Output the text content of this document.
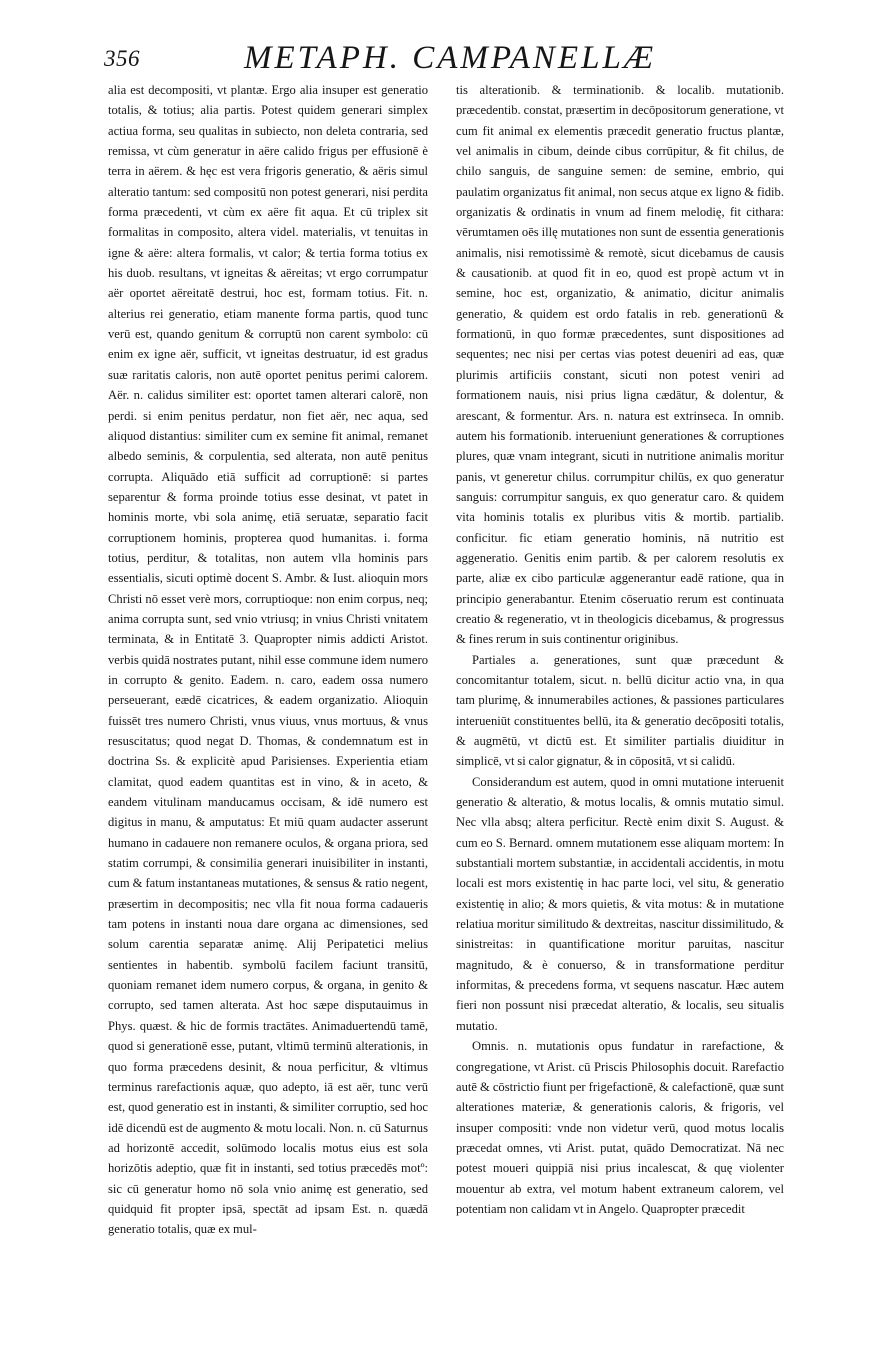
356	METAPH. CAMPANELLÆ

alia est decompositi, vt plantæ. Ergo alia insuper est generatio totalis, & totius; alia partis. Potest quidem generari simplex actiua forma, seu qualitas in subiecto, non deleta contraria, sed remissa, vt cùm generatur in aëre calido frigus per effusionē è terra in aërem. & hęc est vera frigoris generatio, & aëris simul alteratio tantum: sed compositū non potest generari, nisi perdita forma præcedenti, vt cùm ex aëre fit aqua. Et cū triplex sit formalitas in composito, altera videl. materialis, vt tenuitas in igne & aëre: altera formalis, vt calor; & tertia forma totius ex his duob. resultans, vt igneitas & aëreitas; vt ergo corrumpatur aër oportet aëreitatē destrui, hoc est, formam totius. Fit. n. alterius rei generatio, etiam manente forma partis, quod tunc verū est, quando genitum & corruptū non carent symbolo: cū enim ex igne aër, sufficit, vt igneitas destruatur, id est gradus suæ raritatis caloris, non autē oportet penitus perimi calorem. Aër. n. calidus similiter est: oportet tamen alterari calorē, non perdi. si enim penitus perdatur, non fiet aër, nec aqua, sed aliquod distantius: similiter cum ex semine fit animal, remanet albedo seminis, & corpulentia, sed alterata, non autē penitus corrupta. Aliquādo etiā sufficit ad corruptionē: si partes separentur & forma proinde totius esse desinat, vt patet in hominis morte, vbi sola animę, etiā seruatæ, separatio facit corruptionem hominis, propterea quod humanitas. i. forma totius, perditur, & totalitas, non autem vlla hominis pars essentialis, sicuti optimè docent S. Ambr. & Iust. alioquin mors Christi nō esset verè mors, corruptioque: non enim corpus, neq; anima corrupta sunt, sed vnio vtriusq; in vnius Christi vnitatem terminata, & in Entitatē 3. Quapropter nimis addicti Aristot. verbis quidā nostrates putant, nihil esse commune idem numero in corrupto & genito. Eadem. n. caro, eadem ossa numero perseuerant, eædē cicatrices, & eadem organizatio. Alioquin fuissēt tres numero Christi, vnus viuus, vnus mortuus, & vnus resuscitatus; quod negat D. Thomas, & condemnatum est in doctrina Ss. & explicitè apud Parisienses. Experientia etiam clamitat, quod eadem quantitas est in vino, & in aceto, & eandem vitulinam manducamus occisam, & idē numero est digitus in manu, & amputatus: Et miū quam audacter asserunt humano in cadauere non remanere oculos, & organa priora, sed statim corrumpi, & consimilia generari inuisibiliter in instanti, cum & fatum instantaneas mutationes, & sensus & ratio negent, præsertim in decompositis; nec vlla fit noua forma cadaueris tam potens in instanti noua dare organa ac dimensiones, sed solum carentia separatæ animę. Alij Peripatetici melius sentientes in habentib. symbolū facilem faciunt transitū, quoniam remanet idem numero corpus, & organa, in genito & corrupto, sed tamen alterata. Ast hoc sæpe disputauimus in Phys. quæst. & hic de formis tractātes. Animaduertendū tamē, quod si generationē esse, putant, vltimū terminū alterationis, in quo forma præcedens desinit, & noua perficitur, & vltimus terminus rarefactionis aquæ, quo adepto, iā est aër, tunc verū est, quod generatio est in instanti, & similiter corruptio, sed hoc idē dicendū est de augmento & motu locali. Non. n. cū Saturnus ad horizontē accedit, solūmodo localis motus eius est sola horizōtis adeptio, quæ fit in instanti, sed totius præcedēs motº: sic cū generatur homo nō sola vnio animę est generatio, sed quidquid fit propter ipsā, spectāt ad ipsam Est. n. quædā generatio totalis, quæ ex mul-

tis alterationib. & terminationib. & localib. mutationib. præcedentib. constat, præsertim in decōpositorum generatione, vt cum fit animal ex elementis præcedit generatio fructus plantæ, vel animalis in cibum, deinde cibus corrūpitur, & fit chilus, de chilo sanguis, de sanguine semen: de semine, embrio, qui paulatim organizatus fit animal, non secus atque ex ligno & fidib. organizatis & ordinatis in vnum ad finem melodię, fit cithara: vērumtamen oēs illę mutationes non sunt de essentia generationis animalis, nisi remotissimè & remotè, sicut dicebamus de causis & causationib. at quod fit in eo, quod est propè actum vt in semine, hoc est, organizatio, & animatio, dicitur animalis generatio, & quidem est ordo fatalis in reb. generationū & formationū, in quo formæ præcedentes, sunt dispositiones ad sequentes; nec nisi per certas vias potest deueniri ad eas, quæ plurimis artificiis constant, sicuti non potest veniri ad formationem nauis, nisi prius ligna cædātur, & dolentur, & arescant, & formentur. Ars. n. natura est extrinseca. In omnib. autem his formationib. interueniunt generationes & corruptiones plures, quæ vnam integrant, sicuti in nutritione animalis moritur panis, vt generetur chilus. corrumpitur chilūs, ex quo generatur sanguis: corrumpitur sanguis, ex quo generatur caro. & quidem vita hominis totalis ex pluribus vitis & mortib. partialib. conficitur. fic etiam generatio hominis, nā nutritio est aggeneratio. Genitis enim partib. & per calorem resolutis ex parte, aliæ ex cibo particulæ aggenerantur eadē ratione, qua in principio generabantur. Etenim cōseruatio rerum est continuata creatio & regeneratio, vt in theologicis dicebamus, & progressus & fines rerum in suis continentur originibus.

Partiales a. generationes, sunt quæ præcedunt & concomitantur totalem, sicut. n. bellū dicitur actio vna, in qua tam plurimę, & innumerabiles actiones, & passiones particulares interueniūt constituentes bellū, ita & generatio decōpositi totalis, & augmētū, vt dictū est. Et similiter partialis diuiditur in simplicē, vt si calor gignatur, & in cōpositā, vt si calidū.

Considerandum est autem, quod in omni mutatione interuenit generatio & alteratio, & motus localis, & omnis mutatio simul. Nec vlla absq; altera perficitur. Rectè enim dixit S. August. & cum eo S. Bernard. omnem mutationem esse aliquam mortem: In substantiali mortem substantiæ, in accidentali accidentis, in motu locali est mors existentię in hac parte loci, vel situ, & generatio existentię in alio; & mors quietis, & vita motus: & in mutatione relatiua moritur similitudo & dextreitas, nascitur dissimilitudo, & sinistreitas: in quantificatione moritur paruitas, nascitur magnitudo, & è conuerso, & in transformatione perditur informitas, & precedens forma, vt sequens nascatur. Hæc autem fieri non possunt nisi præcedat alteratio, & localis, seu situalis mutatio.

Omnis. n. mutationis opus fundatur in rarefactione, & congregatione, vt Arist. cū Priscis Philosophis docuit. Rarefactio autē & cōstrictio fiunt per frigefactionē, & calefactionē, quæ sunt alterationes materiæ, & generationis caloris, & frigoris, vel insuper compositi: vnde non videtur verū, quod motus localis præcedat omnes, vti Arist. putat, quādo Democratizat. Nā nec potest moueri quippiā nisi prius incalescat, & quę violenter mouentur ab extra, vel motum habent extraneum calorem, vel potentiam non calidam vt in Angelo. Quapropter præcedit
